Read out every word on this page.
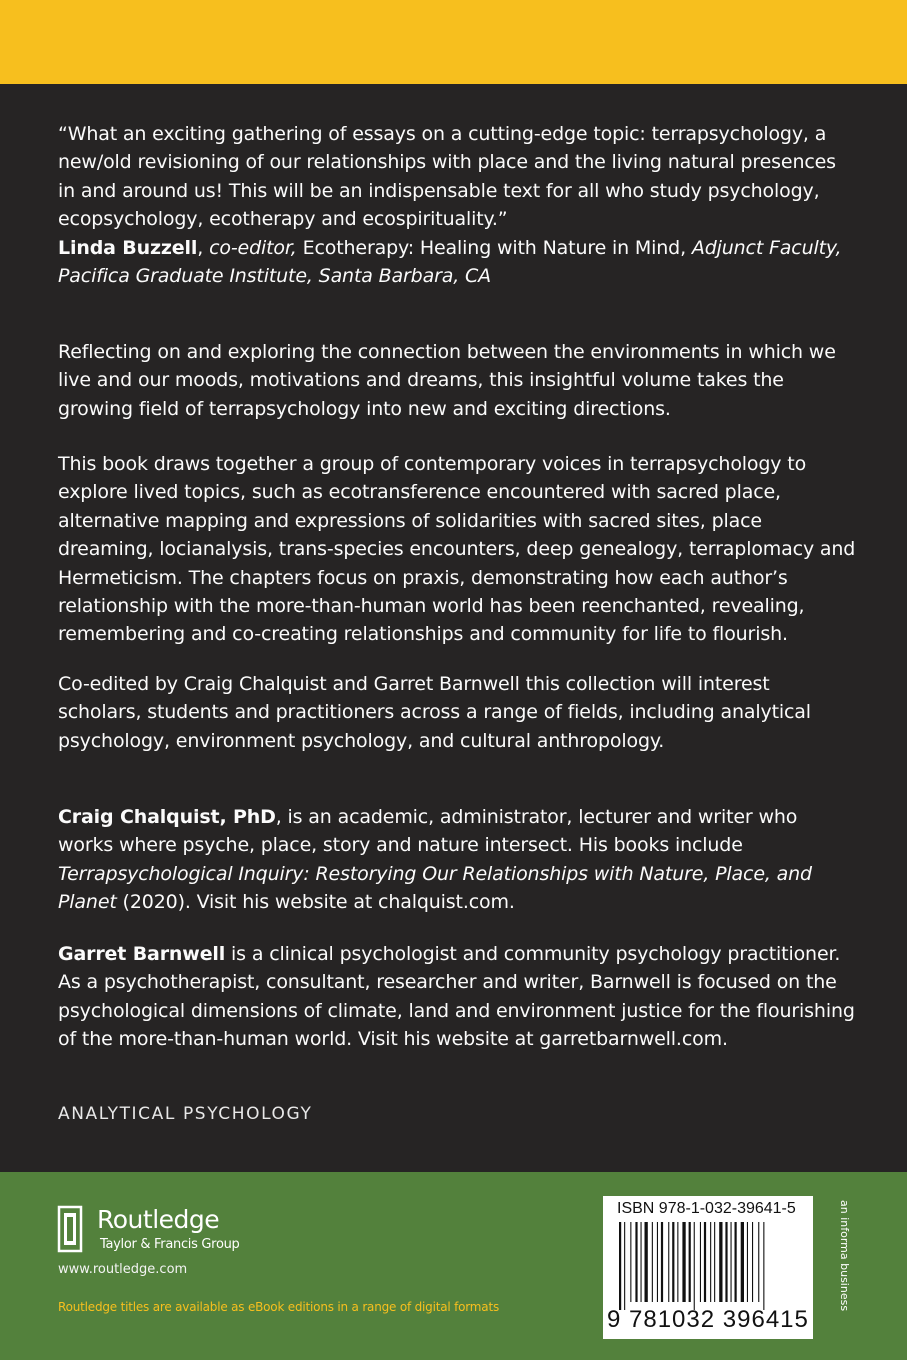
“What an exciting gathering of essays on a cutting-edge topic: terrapsychology, a new/old revisioning of our relationships with place and the living natural presences in and around us! This will be an indispensable text for all who study psychology, ecopsychology, ecotherapy and ecospirituality.”
Linda Buzzell, co-editor, Ecotherapy: Healing with Nature in Mind, Adjunct Faculty, Pacifica Graduate Institute, Santa Barbara, CA
Reflecting on and exploring the connection between the environments in which we live and our moods, motivations and dreams, this insightful volume takes the growing field of terrapsychology into new and exciting directions.
This book draws together a group of contemporary voices in terrapsychology to explore lived topics, such as ecotransference encountered with sacred place, alternative mapping and expressions of solidarities with sacred sites, place dreaming, locianalysis, trans-species encounters, deep genealogy, terraplomacy and Hermeticism. The chapters focus on praxis, demonstrating how each author’s relationship with the more-than-human world has been reenchanted, revealing, remembering and co-creating relationships and community for life to flourish.
Co-edited by Craig Chalquist and Garret Barnwell this collection will interest scholars, students and practitioners across a range of fields, including analytical psychology, environment psychology, and cultural anthropology.
Craig Chalquist, PhD, is an academic, administrator, lecturer and writer who works where psyche, place, story and nature intersect. His books include Terrapsychological Inquiry: Restorying Our Relationships with Nature, Place, and Planet (2020). Visit his website at chalquist.com.
Garret Barnwell is a clinical psychologist and community psychology practitioner. As a psychotherapist, consultant, researcher and writer, Barnwell is focused on the psychological dimensions of climate, land and environment justice for the flourishing of the more-than-human world. Visit his website at garretbarnwell.com.
ANALYTICAL PSYCHOLOGY
Routledge
Taylor & Francis Group
www.routledge.com
Routledge titles are available as eBook editions in a range of digital formats
ISBN 978-1-032-39641-5
9 781032 396415
an informa business
